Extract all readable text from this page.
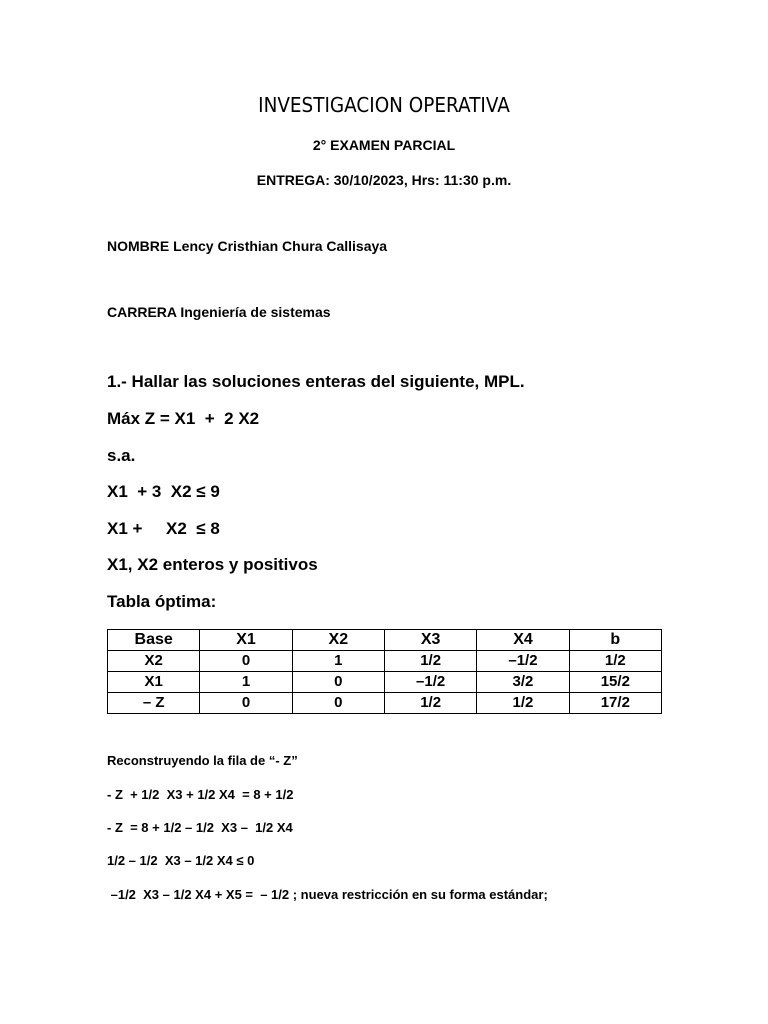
INVESTIGACION OPERATIVA
2° EXAMEN PARCIAL
ENTREGA: 30/10/2023, Hrs: 11:30 p.m.
NOMBRE Lency Cristhian Chura Callisaya
CARRERA Ingeniería de sistemas
1.- Hallar las soluciones enteras del siguiente, MPL.
Máx Z = X1  +  2 X2
s.a.
X1  + 3  X2 ≤ 9
X1 +     X2  ≤ 8
X1, X2 enteros y positivos
Tabla óptima:
Base	X1	X2	X3	X4	b
X2	0	1	1/2	–1/2	1/2
X1	1	0	–1/2	3/2	15/2
– Z	0	0	1/2	1/2	17/2
Reconstruyendo la fila de “- Z”
- Z  + 1/2  X3 + 1/2 X4  = 8 + 1/2
- Z  = 8 + 1/2 – 1/2  X3 –  1/2 X4
1/2 – 1/2  X3 – 1/2 X4 ≤ 0
–1/2  X3 – 1/2 X4 + X5 =  – 1/2 ; nueva restricción en su forma estándar;
